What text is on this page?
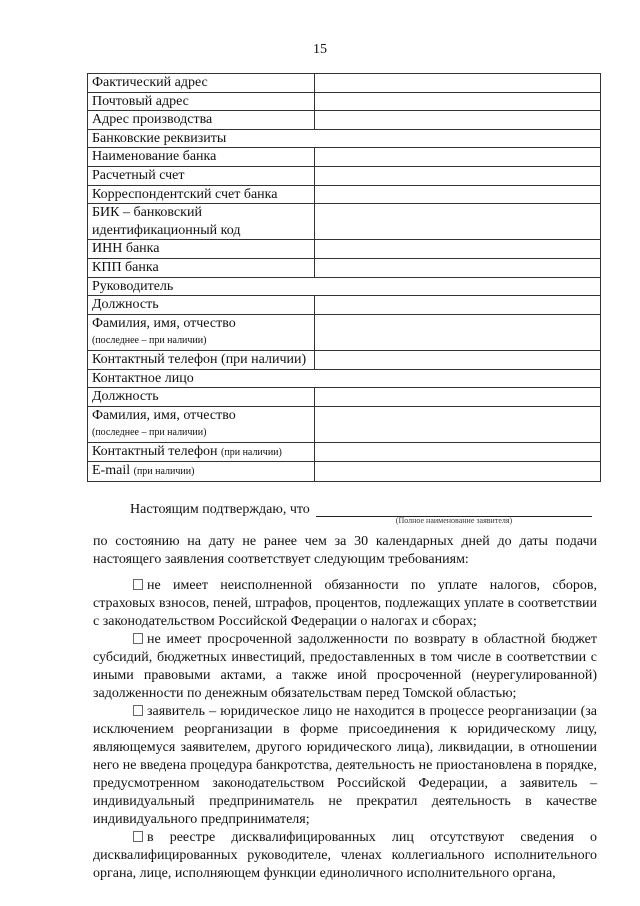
15
Фактический адрес	
Почтовый адрес	
Адрес производства	
Банковские реквизиты	
Наименование банка	
Расчетный счет	
Корреспондентский счет банка	
БИК – банковский идентификационный код	
ИНН банка	
КПП банка	
Руководитель	
Должность	
Фамилия, имя, отчество
(последнее – при наличии)	

Контактный телефон (при наличии)	
Контактное лицо	
Должность	
Фамилия, имя, отчество
(последнее – при наличии)	

Контактный телефон (при наличии)	
E-mail (при наличии)	
Настоящим подтверждаю, что
(Полное наименование заявителя)

по состоянию на дату не ранее чем за 30 календарных дней до даты подачи настоящего заявления соответствует следующим требованиям:

не имеет неисполненной обязанности по уплате налогов, сборов, страховых взносов, пеней, штрафов, процентов, подлежащих уплате в соответствии с законодательством Российской Федерации о налогах и сборах;

не имеет просроченной задолженности по возврату в областной бюджет субсидий, бюджетных инвестиций, предоставленных в том числе в соответствии с иными правовыми актами, а также иной просроченной (неурегулированной) задолженности по денежным обязательствам перед Томской областью;

заявитель – юридическое лицо не находится в процессе реорганизации (за исключением реорганизации в форме присоединения к юридическому лицу, являющемуся заявителем, другого юридического лица), ликвидации, в отношении него не введена процедура банкротства, деятельность не приостановлена в порядке, предусмотренном законодательством Российской Федерации, а заявитель – индивидуальный предприниматель не прекратил деятельность в качестве индивидуального предпринимателя;

в реестре дисквалифицированных лиц отсутствуют сведения о дисквалифицированных руководителе, членах коллегиального исполнительного органа, лице, исполняющем функции единоличного исполнительного органа,
